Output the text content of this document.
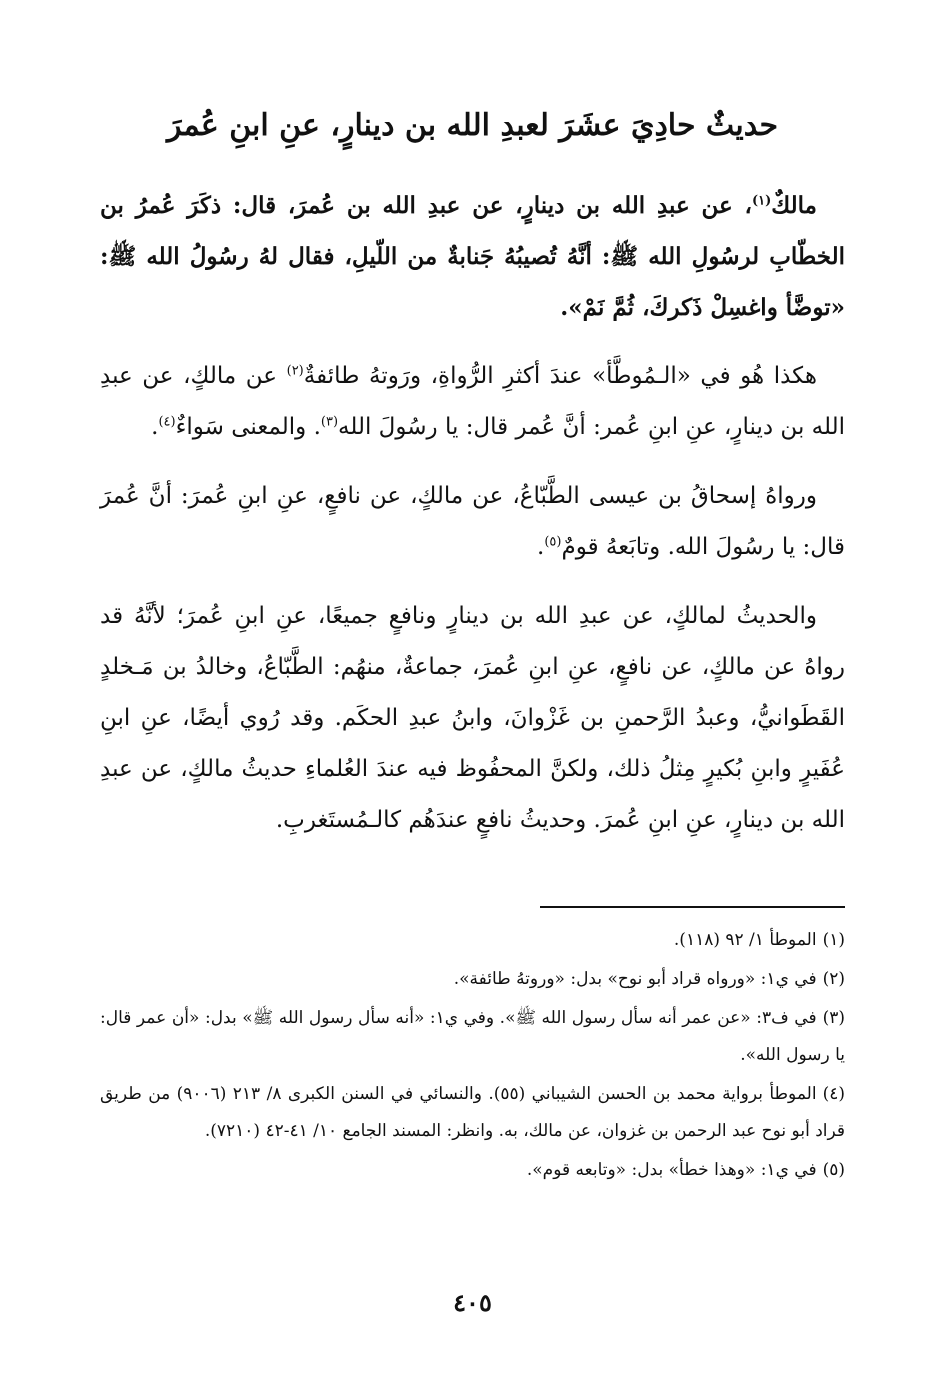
حديثٌ حادِيَ عشَرَ لعبدِ الله بن دينارٍ، عنِ ابنِ عُمرَ

مالكٌ$^{(١)}$، عن عبدِ الله بن دينارٍ، عن عبدِ الله بن عُمرَ، قال: ذكَرَ عُمرُ بن الخطّابِ لرسُولِ الله ﷺ: أنَّهُ تُصيبُهُ جَنابةٌ من اللّيلِ، فقال لهُ رسُولُ الله ﷺ: «توضَّأ واغسِلْ ذَكركَ، ثُمَّ نَمْ».

هكذا هُو في «الـمُوطَّأ» عندَ أكثرِ الرُّواةِ، ورَوتهُ طائفةٌ$^{(٢)}$ عن مالكٍ، عن عبدِ الله بن دينارٍ، عنِ ابنِ عُمر: أنَّ عُمر قال: يا رسُولَ الله$^{(٣)}$. والمعنى سَواءٌ$^{(٤)}$.

ورواهُ إسحاقُ بن عيسى الطَّبّاعُ، عن مالكٍ، عن نافعٍ، عنِ ابنِ عُمرَ: أنَّ عُمرَ قال: يا رسُولَ الله. وتابَعهُ قومٌ$^{(٥)}$.

والحديثُ لمالكٍ، عن عبدِ الله بن دينارٍ ونافعٍ جميعًا، عنِ ابنِ عُمرَ؛ لأنَّهُ قد رواهُ عن مالكٍ، عن نافعٍ، عنِ ابنِ عُمرَ، جماعةٌ، منهُم: الطَّبّاعُ، وخالدُ بن مَـخلدٍ القَطَوانيُّ، وعبدُ الرَّحمنِ بن غَزْوانَ، وابنُ عبدِ الحكَم. وقد رُوي أيضًا، عنِ ابنِ عُفَيرٍ وابنِ بُكيرٍ مِثلُ ذلك، ولكنَّ المحفُوظ فيه عندَ العُلماءِ حديثُ مالكٍ، عن عبدِ الله بن دينارٍ، عنِ ابنِ عُمرَ. وحديثُ نافعٍ عندَهُم كالـمُستَغربِ.

(١)الموطأ ١/ ٩٢ (١١٨).

(٢)في ي١: «ورواه قراد أبو نوح» بدل: «وروتهُ طائفة».

(٣)في ف٣: «عن عمر أنه سأل رسول الله ﷺ». وفي ي١: «أنه سأل رسول الله ﷺ» بدل: «أن عمر قال: يا رسول الله».

(٤)الموطأ برواية محمد بن الحسن الشيباني (٥٥). والنسائي في السنن الكبرى ٨/ ٢١٣ (٩٠٠٦) من طريق قراد أبو نوح عبد الرحمن بن غزوان، عن مالك، به. وانظر: المسند الجامع ١٠/ ٤١-٤٢ (٧٢١٠).

(٥)في ي١: «وهذا خطأ» بدل: «وتابعه قوم».

٤٠٥
